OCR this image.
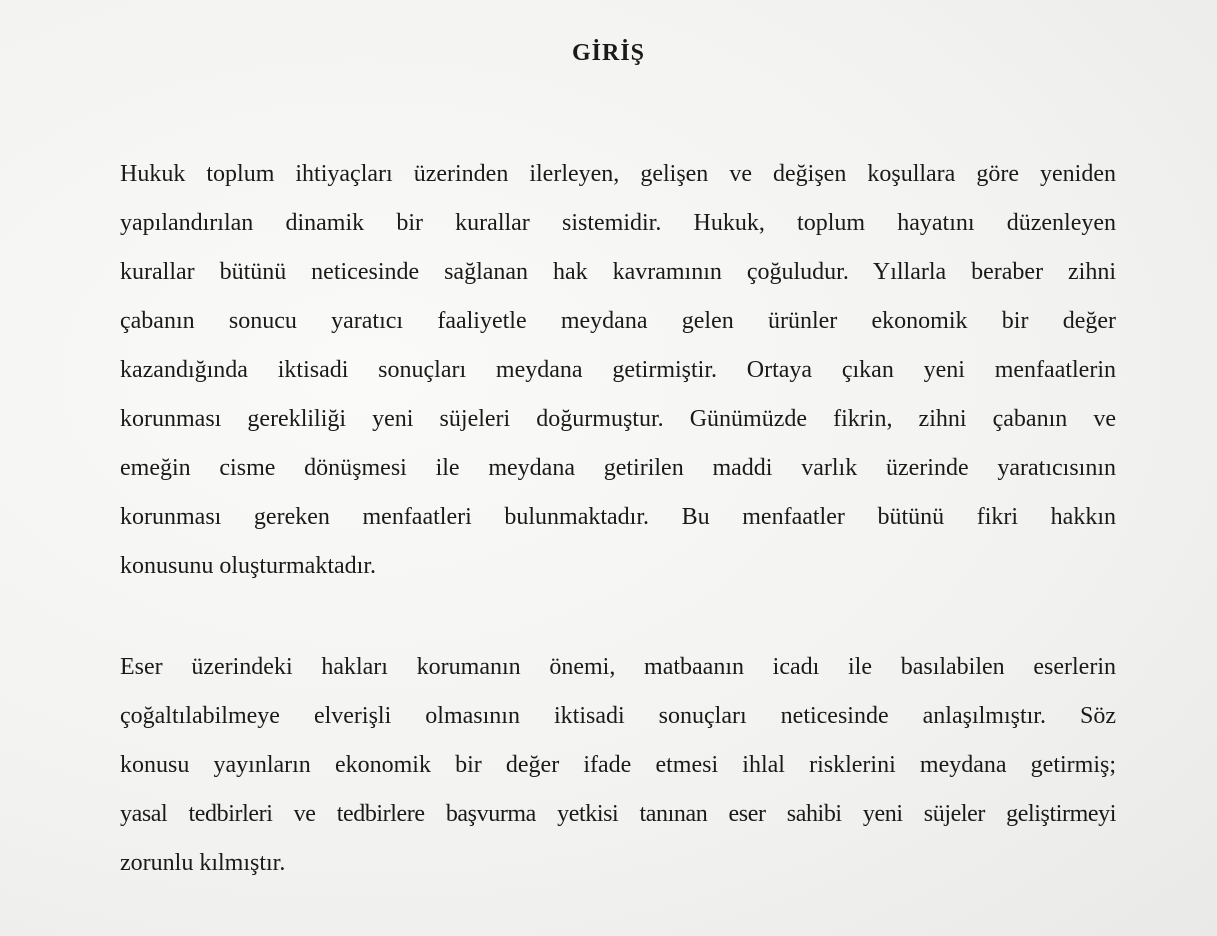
GİRİŞ
Hukuk toplum ihtiyaçları üzerinden ilerleyen, gelişen ve değişen koşullara göre yeniden
yapılandırılan dinamik bir kurallar sistemidir. Hukuk, toplum hayatını düzenleyen
kurallar bütünü neticesinde sağlanan hak kavramının çoğuludur. Yıllarla beraber zihni
çabanın sonucu yaratıcı faaliyetle meydana gelen ürünler ekonomik bir değer
kazandığında iktisadi sonuçları meydana getirmiştir. Ortaya çıkan yeni menfaatlerin
korunması gerekliliği yeni süjeleri doğurmuştur. Günümüzde fikrin, zihni çabanın ve
emeğin cisme dönüşmesi ile meydana getirilen maddi varlık üzerinde yaratıcısının
korunması gereken menfaatleri bulunmaktadır. Bu menfaatler bütünü fikri hakkın
konusunu oluşturmaktadır.
Eser üzerindeki hakları korumanın önemi, matbaanın icadı ile basılabilen eserlerin
çoğaltılabilmeye elverişli olmasının iktisadi sonuçları neticesinde anlaşılmıştır. Söz
konusu yayınların ekonomik bir değer ifade etmesi ihlal risklerini meydana getirmiş;
yasal tedbirleri ve tedbirlere başvurma yetkisi tanınan eser sahibi yeni süjeler geliştirmeyi
zorunlu kılmıştır.
